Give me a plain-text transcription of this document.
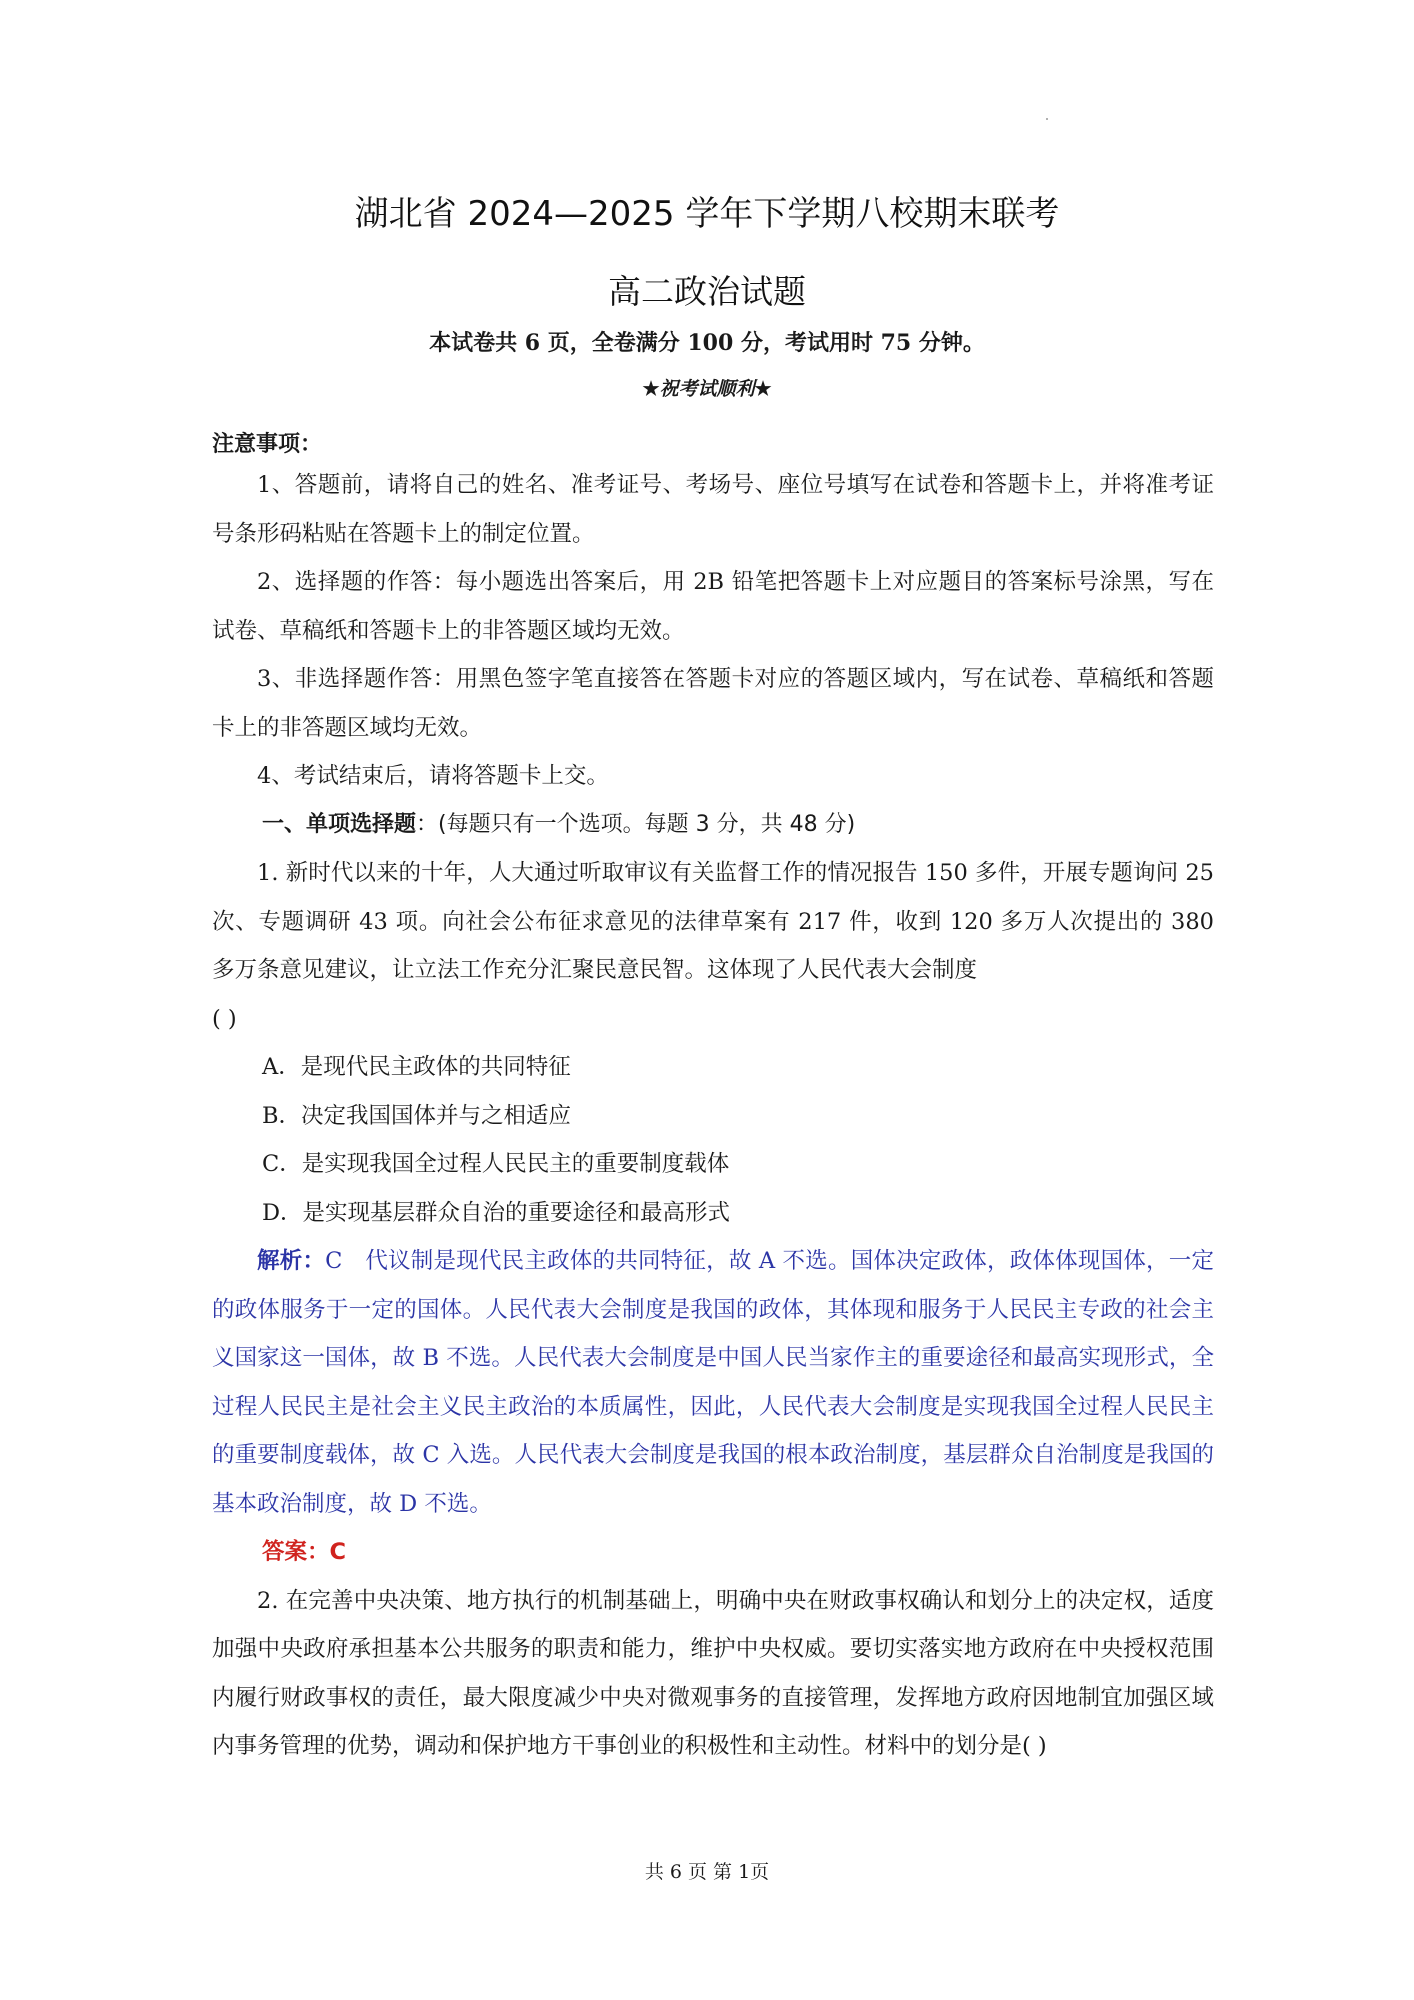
湖北省 2024—2025 学年下学期八校期末联考
高二政治试题
本试卷共 6 页，全卷满分 100 分，考试用时 75 分钟。
★祝考试顺利★
注意事项：

1、答题前，请将自己的姓名、准考证号、考场号、座位号填写在试卷和答题卡上，并将准考证号条形码粘贴在答题卡上的制定位置。

2、选择题的作答：每小题选出答案后，用 2B 铅笔把答题卡上对应题目的答案标号涂黑，写在试卷、草稿纸和答题卡上的非答题区域均无效。

3、非选择题作答：用黑色签字笔直接答在答题卡对应的答题区域内，写在试卷、草稿纸和答题卡上的非答题区域均无效。

4、考试结束后，请将答题卡上交。

一、单项选择题：(每题只有一个选项。每题 3 分，共 48 分)

1. 新时代以来的十年，人大通过听取审议有关监督工作的情况报告 150 多件，开展专题询问 25 次、专题调研 43 项。向社会公布征求意见的法律草案有 217 件，收到 120 多万人次提出的 380 多万条意见建议，让立法工作充分汇聚民意民智。这体现了人民代表大会制度

( )

A．是现代民主政体的共同特征

B．决定我国国体并与之相适应

C．是实现我国全过程人民民主的重要制度载体

D．是实现基层群众自治的重要途径和最高形式

解析：C　代议制是现代民主政体的共同特征，故 A 不选。国体决定政体，政体体现国体，一定的政体服务于一定的国体。人民代表大会制度是我国的政体，其体现和服务于人民民主专政的社会主义国家这一国体，故 B 不选。人民代表大会制度是中国人民当家作主的重要途径和最高实现形式，全过程人民民主是社会主义民主政治的本质属性，因此，人民代表大会制度是实现我国全过程人民民主的重要制度载体，故 C 入选。人民代表大会制度是我国的根本政治制度，基层群众自治制度是我国的基本政治制度，故 D 不选。

答案：C

2. 在完善中央决策、地方执行的机制基础上，明确中央在财政事权确认和划分上的决定权，适度加强中央政府承担基本公共服务的职责和能力，维护中央权威。要切实落实地方政府在中央授权范围内履行财政事权的责任，最大限度减少中央对微观事务的直接管理，发挥地方政府因地制宜加强区域内事务管理的优势，调动和保护地方干事创业的积极性和主动性。材料中的划分是( )

共 6 页 第 1页
